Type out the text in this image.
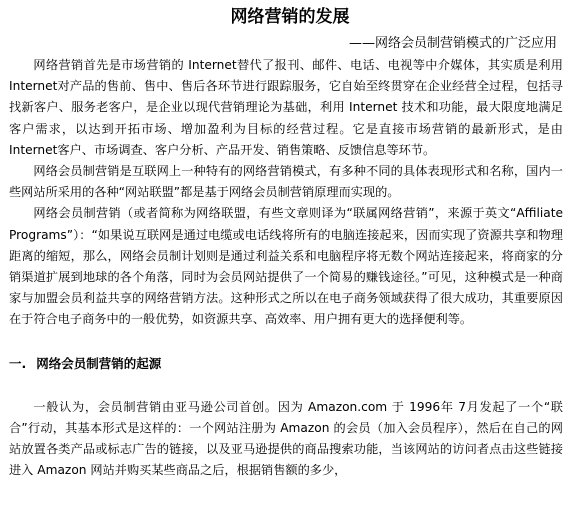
网络营销的发展
——网络会员制营销模式的广泛应用

网络营销首先是市场营销的 Internet替代了报刊、邮件、电话、电视等中介媒体，其实质是利用 Internet对产品的售前、售中、售后各环节进行跟踪服务，它自始至终贯穿在企业经营全过程，包括寻找新客户、服务老客户，是企业以现代营销理论为基础，利用 Internet 技术和功能，最大限度地满足客户需求，以达到开拓市场、增加盈利为目标的经营过程。它是直接市场营销的最新形式，是由 Internet客户、市场调查、客户分析、产品开发、销售策略、反馈信息等环节。

网络会员制营销是互联网上一种特有的网络营销模式，有多种不同的具体表现形式和名称，国内一些网站所采用的各种“网站联盟”都是基于网络会员制营销原理而实现的。

网络会员制营销（或者简称为网络联盟，有些文章则译为“联属网络营销”，来源于英文“Affiliate Programs”）：“如果说互联网是通过电缆或电话线将所有的电脑连接起来，因而实现了资源共享和物理距离的缩短，那么，网络会员制计划则是通过利益关系和电脑程序将无数个网站连接起来，将商家的分销渠道扩展到地球的各个角落，同时为会员网站提供了一个简易的赚钱途径。”可见，这种模式是一种商家与加盟会员利益共享的网络营销方法。这种形式之所以在电子商务领域获得了很大成功，其重要原因在于符合电子商务中的一般优势，如资源共享、高效率、用户拥有更大的选择便利等。

一. 网络会员制营销的起源

一般认为，会员制营销由亚马逊公司首创。因为 Amazon.com 于 1996年 7月发起了一个“联合”行动，其基本形式是这样的：一个网站注册为 Amazon 的会员（加入会员程序），然后在自己的网站放置各类产品或标志广告的链接，以及亚马逊提供的商品搜索功能，当该网站的访问者点击这些链接进入 Amazon 网站并购买某些商品之后，根据销售额的多少，
